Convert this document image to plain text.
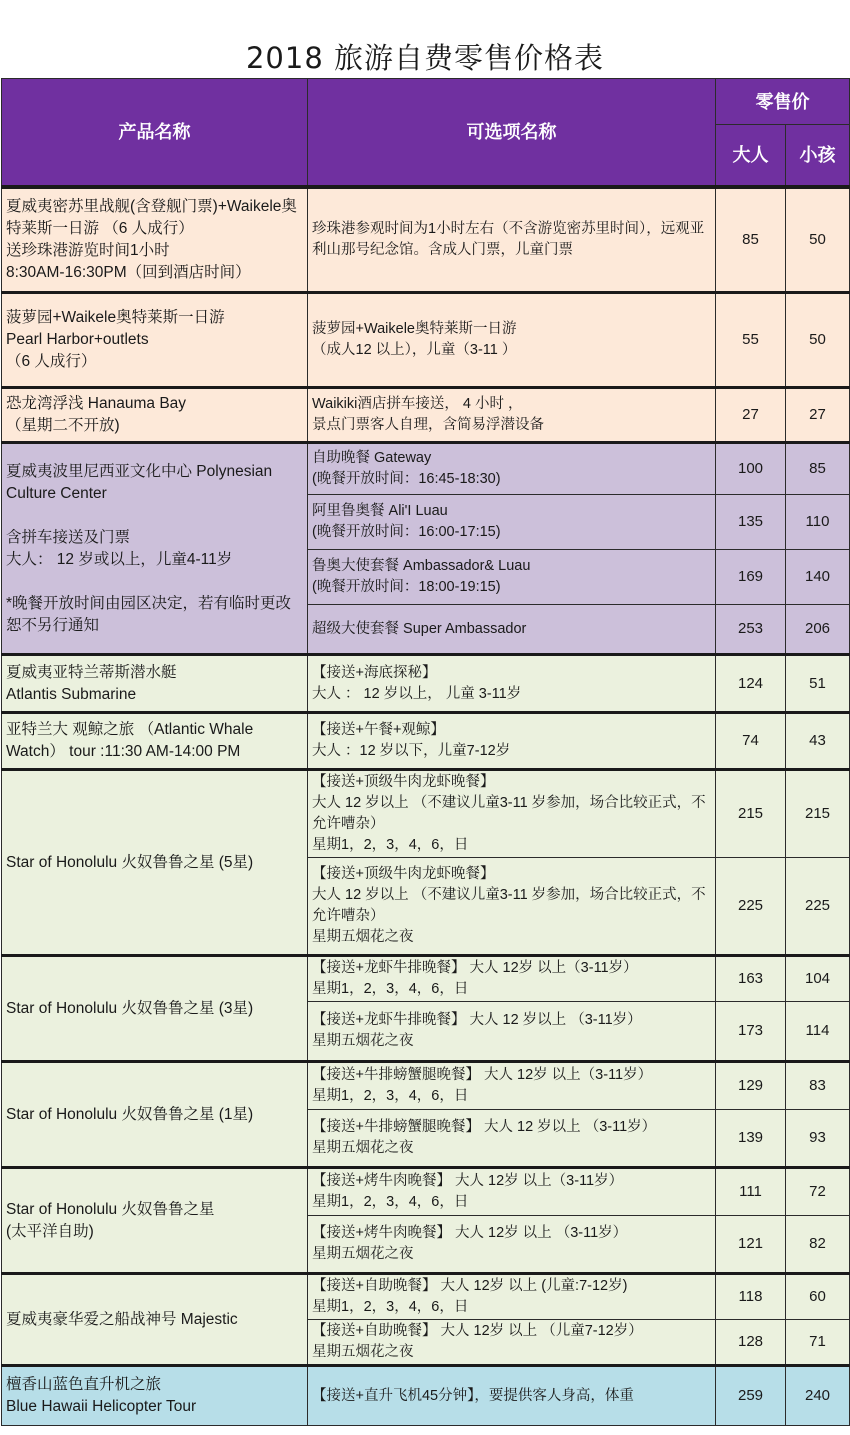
2018 旅游自费零售价格表
产品名称	可选项名称	零售价	
		大人	小孩
夏威夷密苏里战舰(含登舰门票)+Waikele奥特莱斯一日游 （6 人成行）
送珍珠港游览时间1小时
8:30AM-16:30PM（回到酒店时间）	珍珠港参观时间为1小时左右（不含游览密苏里时间），远观亚利山那号纪念馆。含成人门票，儿童门票	85	50
菠萝园+Waikele奥特莱斯一日游
Pearl Harbor+outlets
（6 人成行）	菠萝园+Waikele奥特莱斯一日游
（成人12 以上），儿童（3-11 ）	55	50
恐龙湾浮浅 Hanauma Bay
（星期二不开放)	Waikiki酒店拼车接送， 4 小时 ，
景点门票客人自理，含简易浮潜设备	27	27
夏威夷波里尼西亚文化中心 Polynesian Culture Center

含拼车接送及门票
大人： 12 岁或以上，儿童4-11岁

*晚餐开放时间由园区决定，若有临时更改恕不另行通知	自助晚餐 Gateway
(晚餐开放时间：16:45-18:30)	100	85
	阿里鲁奥餐 Ali'I Luau
(晚餐开放时间：16:00-17:15)	135	110
	鲁奥大使套餐 Ambassador& Luau
(晚餐开放时间：18:00-19:15)	169	140
	超级大使套餐 Super Ambassador	253	206
夏威夷亚特兰蒂斯潜水艇
Atlantis Submarine	【接送+海底探秘】
大人 ： 12 岁以上， 儿童 3-11岁	124	51
亚特兰大 观鲸之旅 （Atlantic Whale Watch） tour :11:30 AM-14:00 PM	【接送+午餐+观鲸】
大人 ：12 岁以下，儿童7-12岁	74	43
Star of Honolulu 火奴鲁鲁之星 (5星)	【接送+顶级牛肉龙虾晚餐】
大人 12 岁以上 （不建议儿童3-11 岁参加，场合比较正式，不允许嘈杂）
星期1，2，3，4，6，日	215	215
	【接送+顶级牛肉龙虾晚餐】
大人 12 岁以上 （不建议儿童3-11 岁参加，场合比较正式，不允许嘈杂）
星期五烟花之夜	225	225
Star of Honolulu 火奴鲁鲁之星 (3星)	【接送+龙虾牛排晚餐】 大人 12岁 以上（3-11岁）
星期1，2，3，4，6，日	163	104
	【接送+龙虾牛排晚餐】 大人 12 岁以上 （3-11岁）
星期五烟花之夜	173	114
Star of Honolulu 火奴鲁鲁之星 (1星)	【接送+牛排螃蟹腿晚餐】 大人 12岁 以上（3-11岁）
星期1，2，3，4，6，日	129	83
	【接送+牛排螃蟹腿晚餐】 大人 12 岁以上 （3-11岁）
星期五烟花之夜	139	93
Star of Honolulu 火奴鲁鲁之星
(太平洋自助)	【接送+烤牛肉晚餐】 大人 12岁 以上（3-11岁）
星期1，2，3，4，6，日	111	72
	【接送+烤牛肉晚餐】 大人 12岁 以上 （3-11岁）
星期五烟花之夜	121	82
夏威夷豪华爱之船战神号 Majestic	【接送+自助晚餐】 大人 12岁 以上 (儿童:7-12岁)
星期1，2，3，4，6，日	118	60
	【接送+自助晚餐】 大人 12岁 以上 （儿童7-12岁）
星期五烟花之夜	128	71
檀香山蓝色直升机之旅
Blue Hawaii Helicopter Tour	【接送+直升飞机45分钟】，要提供客人身高，体重	259	240
